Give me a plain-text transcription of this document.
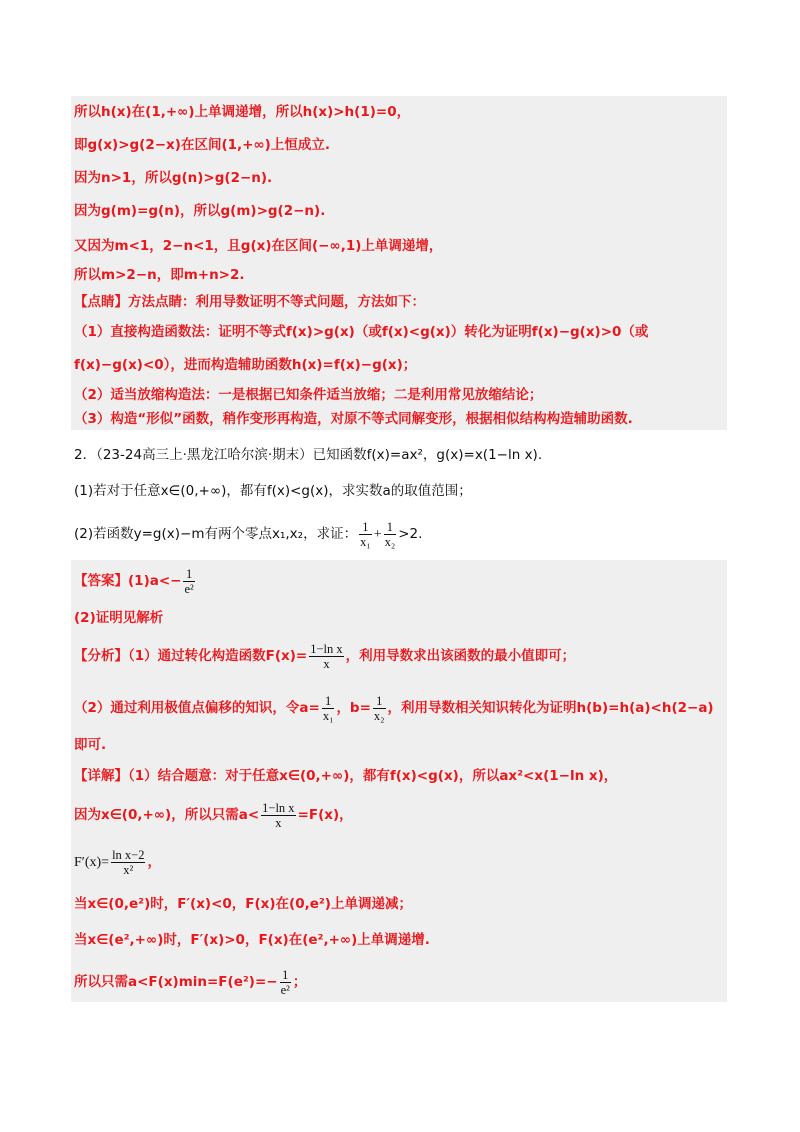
所以h(x)在(1,+∞)上单调递增，所以h(x)>h(1)=0，
即g(x)>g(2−x)在区间(1,+∞)上恒成立.
因为n>1，所以g(n)>g(2−n).
因为g(m)=g(n)，所以g(m)>g(2−n).
又因为m<1，2−n<1，且g(x)在区间(−∞,1)上单调递增，
所以m>2−n，即m+n>2.
【点睛】方法点睛：利用导数证明不等式问题，方法如下：
（1）直接构造函数法：证明不等式f(x)>g(x)（或f(x)<g(x)）转化为证明f(x)−g(x)>0（或
f(x)−g(x)<0），进而构造辅助函数h(x)=f(x)−g(x)；
（2）适当放缩构造法：一是根据已知条件适当放缩；二是利用常见放缩结论；
（3）构造“形似”函数，稍作变形再构造，对原不等式同解变形，根据相似结构构造辅助函数.
2．（23-24高三上·黑龙江哈尔滨·期末）已知函数f(x)=ax²，g(x)=x(1−ln x).
(1)若对于任意x∈(0,+∞)，都有f(x)<g(x)，求实数a的取值范围；
(2)若函数y=g(x)−m有两个零点x₁,x₂，求证： $\frac{1}{\text{x₁}} + \frac{1}{\text{x₂}} >2$.
【答案】$(1)a<- \frac{1}{\text{e²}}$
(2)证明见解析
【分析】（1）通过转化构造函数$F(x)= \frac{\text{1−ln x}}{x}$ ，利用导数求出该函数的最小值即可；
（2）通过利用极值点偏移的知识，令$a= \frac{1}{\text{x₁}}$ ，$b= \frac{1}{\text{x₂}}$ ，利用导数相关知识转化为证明h(b)=h(a)<h(2−a)
即可.
【详解】（1）结合题意：对于任意x∈(0,+∞)，都有f(x)<g(x)，所以ax²<x(1−ln x)，
因为x∈(0,+∞)，所以只需$a< \frac{\text{1−ln x}}{x} =F(x)$，
$F'(x)= \frac{\text{ln x−2}}{\text{x²}}$ ，
当x∈(0,e²)时，F′(x)<0，F(x)在(0,e²)上单调递减；
当x∈(e²,+∞)时，F′(x)>0，F(x)在(e²,+∞)上单调递增.
所以只需$a<F(x)\min=F(e^2)=- \frac{1}{\text{e²}}$ ；
